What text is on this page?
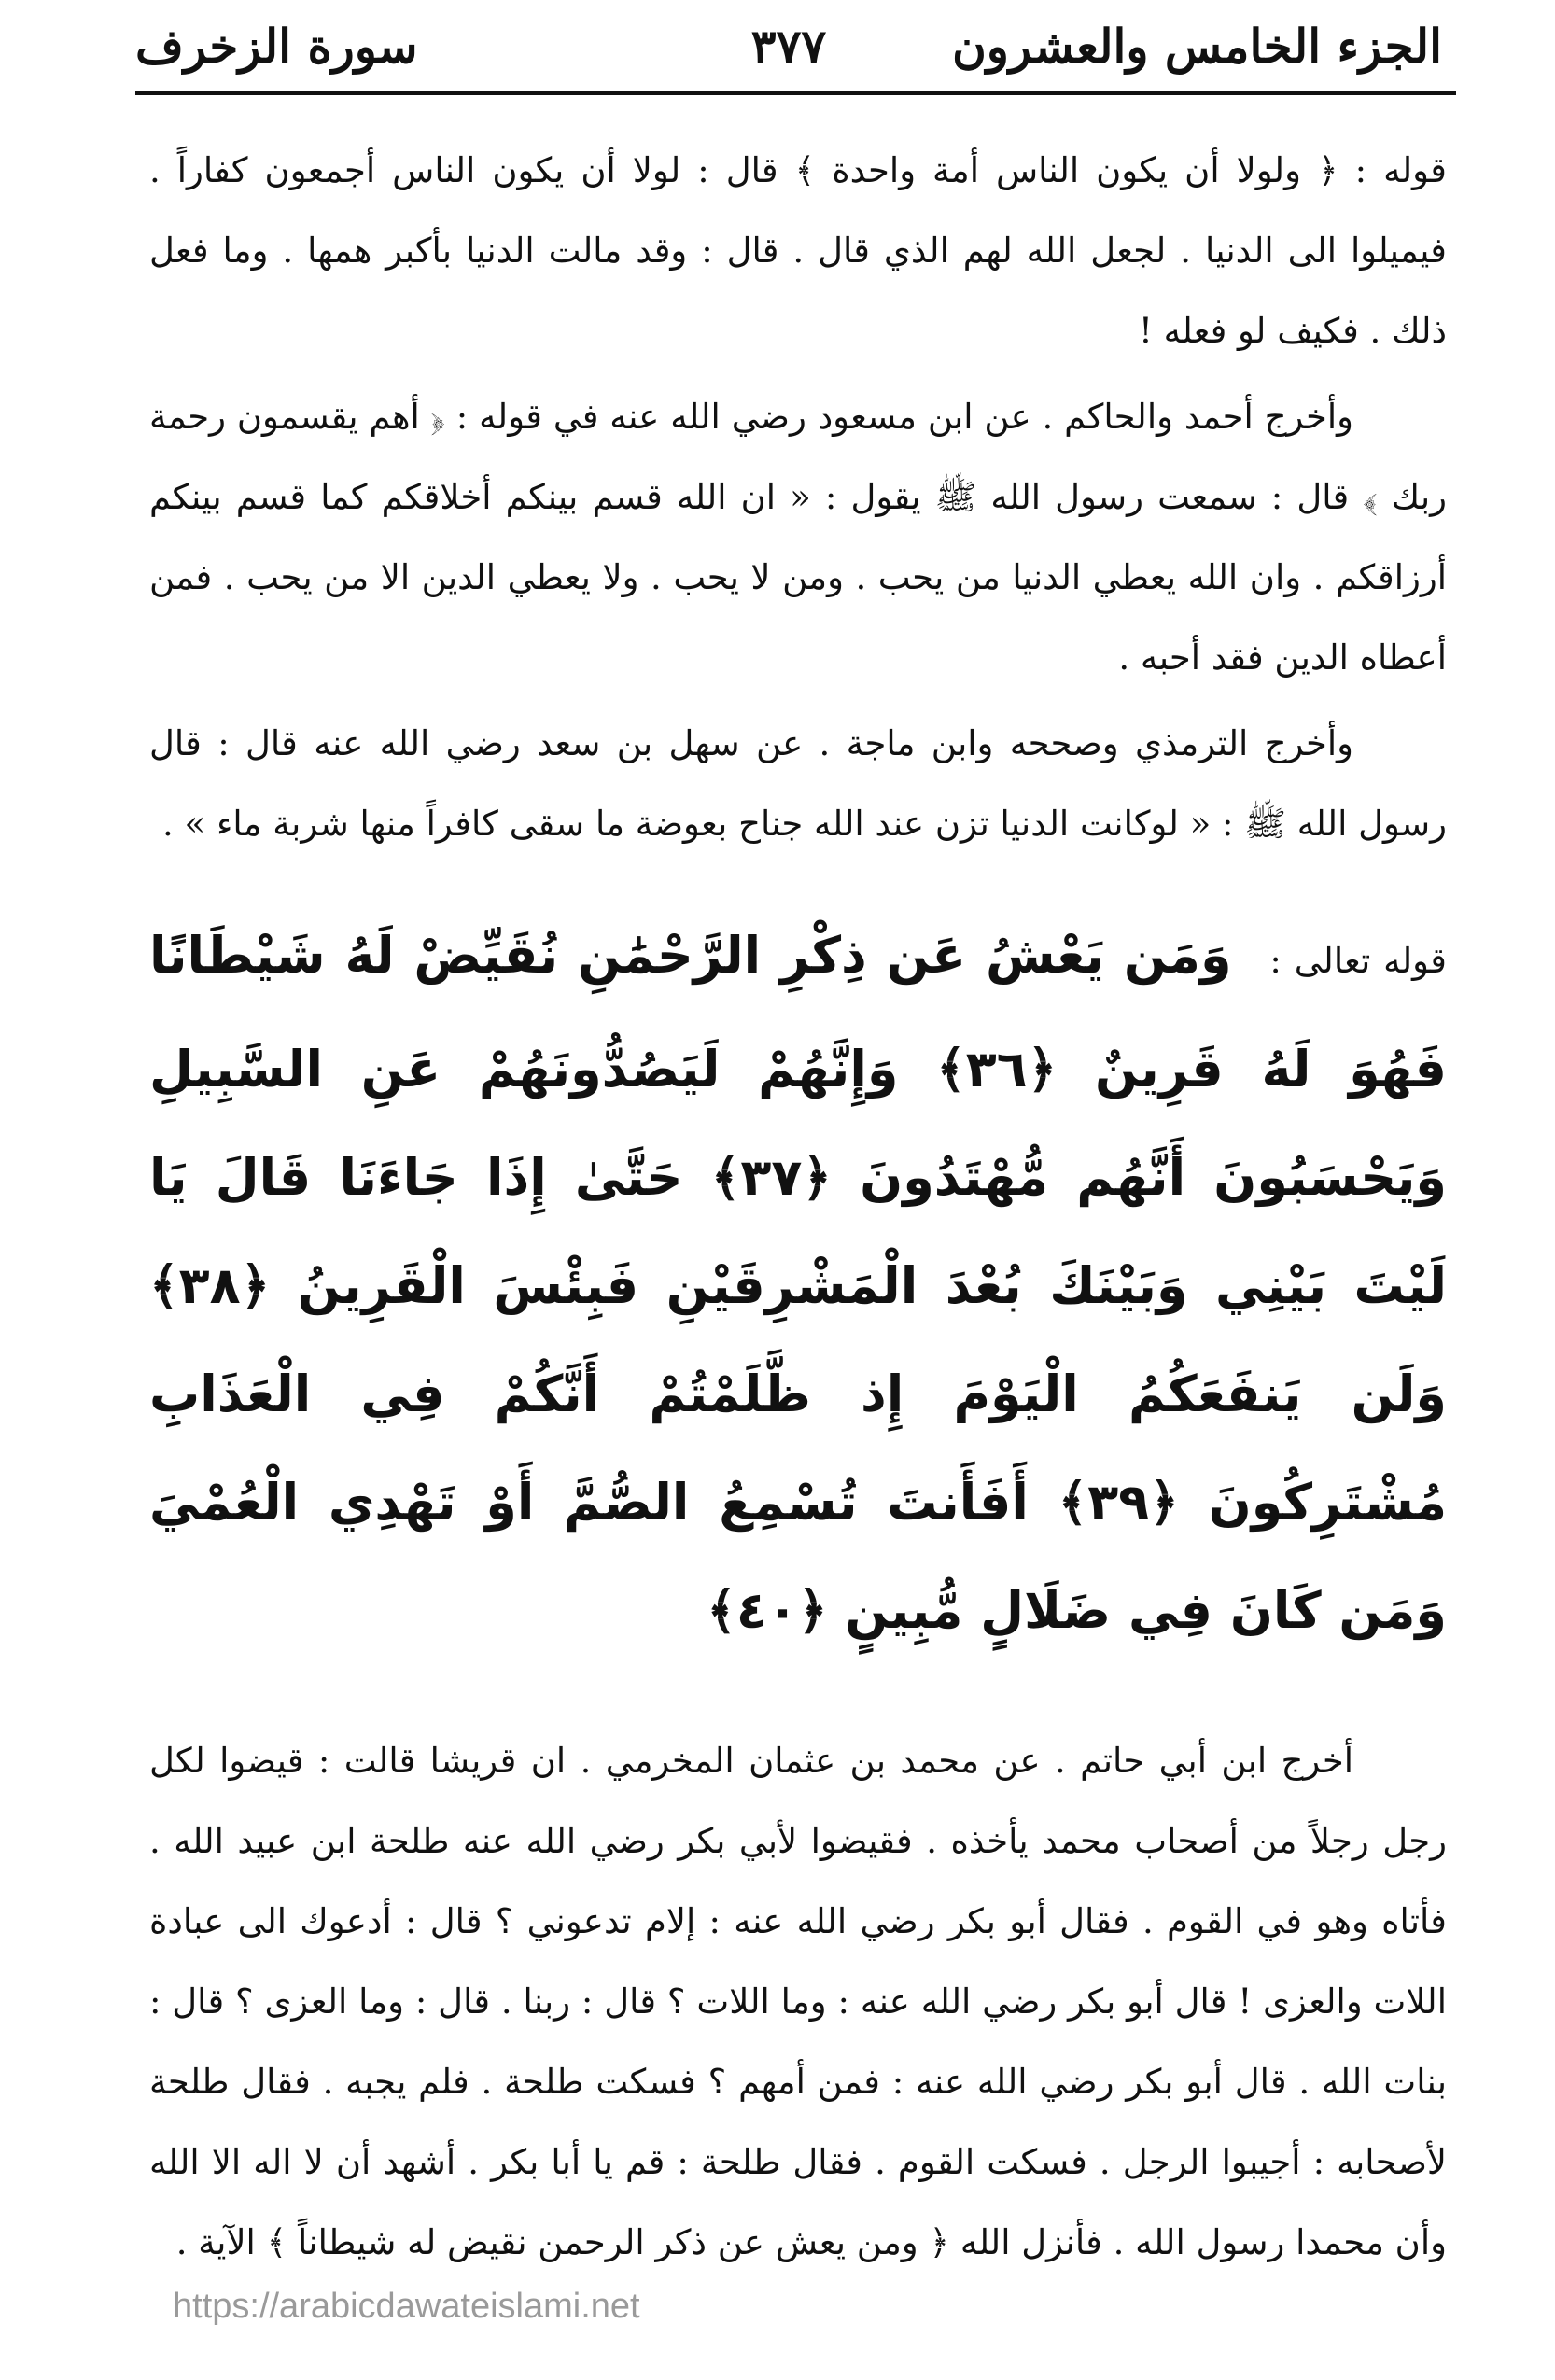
الجزء الخامس والعشرون
٣٧٧
سورة الزخرف

قوله : ﴿ ولولا أن يكون الناس أمة واحدة ﴾ قال : لولا أن يكون الناس أجمعون كفاراً . فيميلوا الى الدنيا . لجعل الله لهم الذي قال . قال : وقد مالت الدنيا بأكبر همها . وما فعل ذلك . فكيف لو فعله !

وأخرج أحمد والحاكم . عن ابن مسعود رضي الله عنه في قوله : ﴿ أهم يقسمون رحمة ربك ﴾ قال : سمعت رسول الله ﷺ يقول : « ان الله قسم بينكم أخلاقكم كما قسم بينكم أرزاقكم . وان الله يعطي الدنيا من يحب . ومن لا يحب . ولا يعطي الدين الا من يحب . فمن أعطاه الدين فقد أحبه .

وأخرج الترمذي وصححه وابن ماجة . عن سهل بن سعد رضي الله عنه قال : قال رسول الله ﷺ : « لوكانت الدنيا تزن عند الله جناح بعوضة ما سقى كافراً منها شربة ماء » .

قوله تعالى : وَمَن يَعْشُ عَن ذِكْرِ الرَّحْمَٰنِ نُقَيِّضْ لَهُ شَيْطَانًا فَهُوَ لَهُ قَرِينٌ ﴿٣٦﴾ وَإِنَّهُمْ لَيَصُدُّونَهُمْ عَنِ السَّبِيلِ وَيَحْسَبُونَ أَنَّهُم مُّهْتَدُونَ ﴿٣٧﴾ حَتَّىٰ إِذَا جَاءَنَا قَالَ يَا لَيْتَ بَيْنِي وَبَيْنَكَ بُعْدَ الْمَشْرِقَيْنِ فَبِئْسَ الْقَرِينُ ﴿٣٨﴾ وَلَن يَنفَعَكُمُ الْيَوْمَ إِذ ظَّلَمْتُمْ أَنَّكُمْ فِي الْعَذَابِ مُشْتَرِكُونَ ﴿٣٩﴾ أَفَأَنتَ تُسْمِعُ الصُّمَّ أَوْ تَهْدِي الْعُمْيَ وَمَن كَانَ فِي ضَلَالٍ مُّبِينٍ ﴿٤٠﴾

أخرج ابن أبي حاتم . عن محمد بن عثمان المخرمي . ان قريشا قالت : قيضوا لكل رجل رجلاً من أصحاب محمد يأخذه . فقيضوا لأبي بكر رضي الله عنه طلحة ابن عبيد الله . فأتاه وهو في القوم . فقال أبو بكر رضي الله عنه : إلام تدعوني ؟ قال : أدعوك الى عبادة اللات والعزى ! قال أبو بكر رضي الله عنه : وما اللات ؟ قال : ربنا . قال : وما العزى ؟ قال : بنات الله . قال أبو بكر رضي الله عنه : فمن أمهم ؟ فسكت طلحة . فلم يجبه . فقال طلحة لأصحابه : أجيبوا الرجل . فسكت القوم . فقال طلحة : قم يا أبا بكر . أشهد أن لا اله الا الله وأن محمدا رسول الله . فأنزل الله ﴿ ومن يعش عن ذكر الرحمن نقيض له شيطاناً ﴾ الآية .

https://arabicdawateislami.net
